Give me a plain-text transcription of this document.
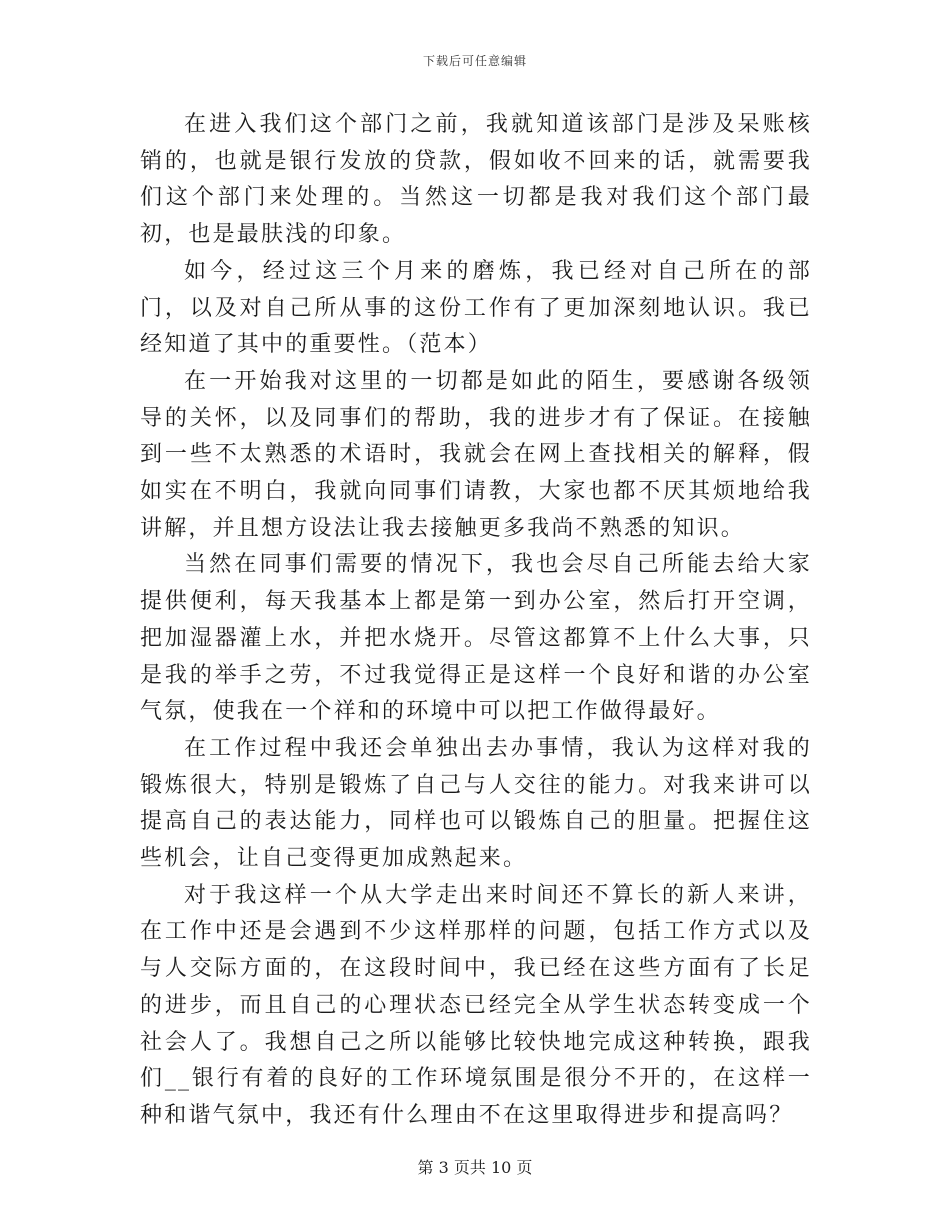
下载后可任意编辑

在进入我们这个部门之前，我就知道该部门是涉及呆账核销的，也就是银行发放的贷款，假如收不回来的话，就需要我们这个部门来处理的。当然这一切都是我对我们这个部门最初，也是最肤浅的印象。

如今，经过这三个月来的磨炼，我已经对自己所在的部门，以及对自己所从事的这份工作有了更加深刻地认识。我已经知道了其中的重要性。（范本）

在一开始我对这里的一切都是如此的陌生，要感谢各级领导的关怀，以及同事们的帮助，我的进步才有了保证。在接触到一些不太熟悉的术语时，我就会在网上查找相关的解释，假如实在不明白，我就向同事们请教，大家也都不厌其烦地给我讲解，并且想方设法让我去接触更多我尚不熟悉的知识。

当然在同事们需要的情况下，我也会尽自己所能去给大家提供便利，每天我基本上都是第一到办公室，然后打开空调，把加湿器灌上水，并把水烧开。尽管这都算不上什么大事，只是我的举手之劳，不过我觉得正是这样一个良好和谐的办公室气氛，使我在一个祥和的环境中可以把工作做得最好。

在工作过程中我还会单独出去办事情，我认为这样对我的锻炼很大，特别是锻炼了自己与人交往的能力。对我来讲可以提高自己的表达能力，同样也可以锻炼自己的胆量。把握住这些机会，让自己变得更加成熟起来。

对于我这样一个从大学走出来时间还不算长的新人来讲，在工作中还是会遇到不少这样那样的问题，包括工作方式以及与人交际方面的，在这段时间中，我已经在这些方面有了长足的进步，而且自己的心理状态已经完全从学生状态转变成一个社会人了。我想自己之所以能够比较快地完成这种转换，跟我们__银行有着的良好的工作环境氛围是很分不开的，在这样一种和谐气氛中，我还有什么理由不在这里取得进步和提高吗？

第 3 页共 10 页
